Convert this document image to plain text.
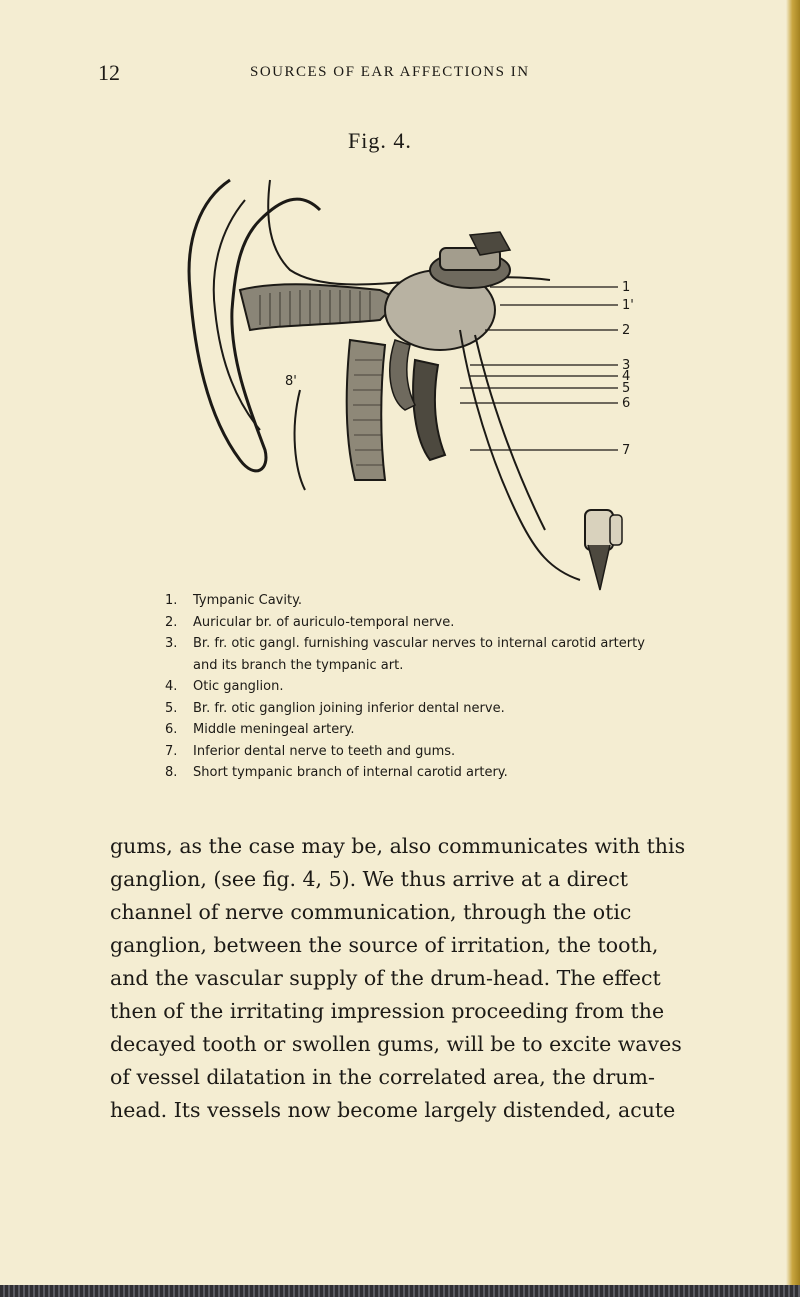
12	SOURCES OF EAR AFFECTIONS IN
Fig. 4.
1
1'
2
3
4
5
6
7
8'
1. Tympanic Cavity.
2. Auricular br. of auriculo-temporal nerve.
3. Br. fr. otic gangl. furnishing vascular nerves to internal carotid arterty and its branch the tympanic art.
4. Otic ganglion.
5. Br. fr. otic ganglion joining inferior dental nerve.
6. Middle meningeal artery.
7. Inferior dental nerve to teeth and gums.
8. Short tympanic branch of internal carotid artery.
gums, as the case may be, also communicates with this
ganglion, (see fig. 4, 5). We thus arrive at a direct
channel of nerve communication, through the otic
ganglion, between the source of irritation, the tooth,
and the vascular supply of the drum-head. The effect
then of the irritating impression proceeding from the
decayed tooth or swollen gums, will be to excite waves
of vessel dilatation in the correlated area, the drum-
head. Its vessels now become largely distended, acute
